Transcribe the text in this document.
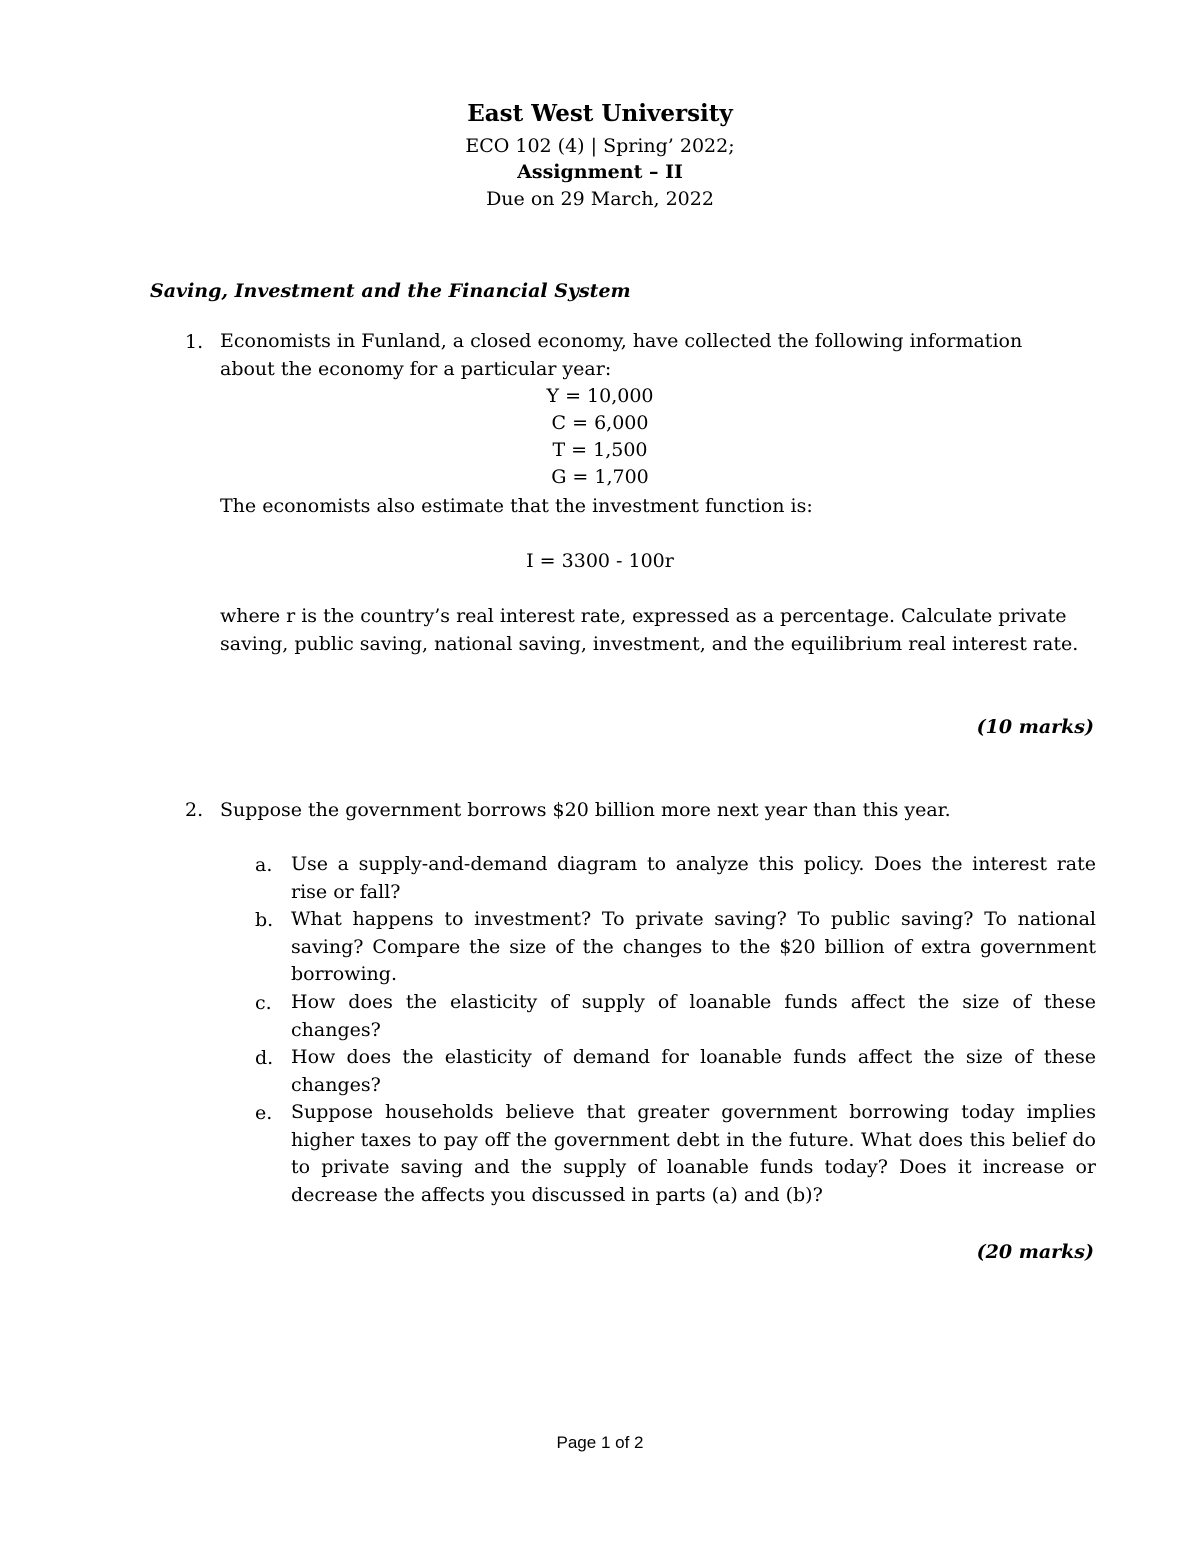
East West University
ECO 102 (4) | Spring’ 2022;
Assignment – II
Due on 29 March, 2022
Saving, Investment and the Financial System
1. Economists in Funland, a closed economy, have collected the following information about the economy for a particular year:
Y = 10,000
C = 6,000
T = 1,500
G = 1,700
The economists also estimate that the investment function is:
I = 3300 - 100r
where r is the country’s real interest rate, expressed as a percentage. Calculate private saving, public saving, national saving, investment, and the equilibrium real interest rate.
(10 marks)
2. Suppose the government borrows $20 billion more next year than this year.
a. Use a supply-and-demand diagram to analyze this policy. Does the interest rate rise or fall?
b. What happens to investment? To private saving? To public saving? To national saving? Compare the size of the changes to the $20 billion of extra government borrowing.
c. How does the elasticity of supply of loanable funds affect the size of these changes?
d. How does the elasticity of demand for loanable funds affect the size of these changes?
e. Suppose households believe that greater government borrowing today implies higher taxes to pay off the government debt in the future. What does this belief do to private saving and the supply of loanable funds today? Does it increase or decrease the affects you discussed in parts (a) and (b)?
(20 marks)
Page 1 of 2
